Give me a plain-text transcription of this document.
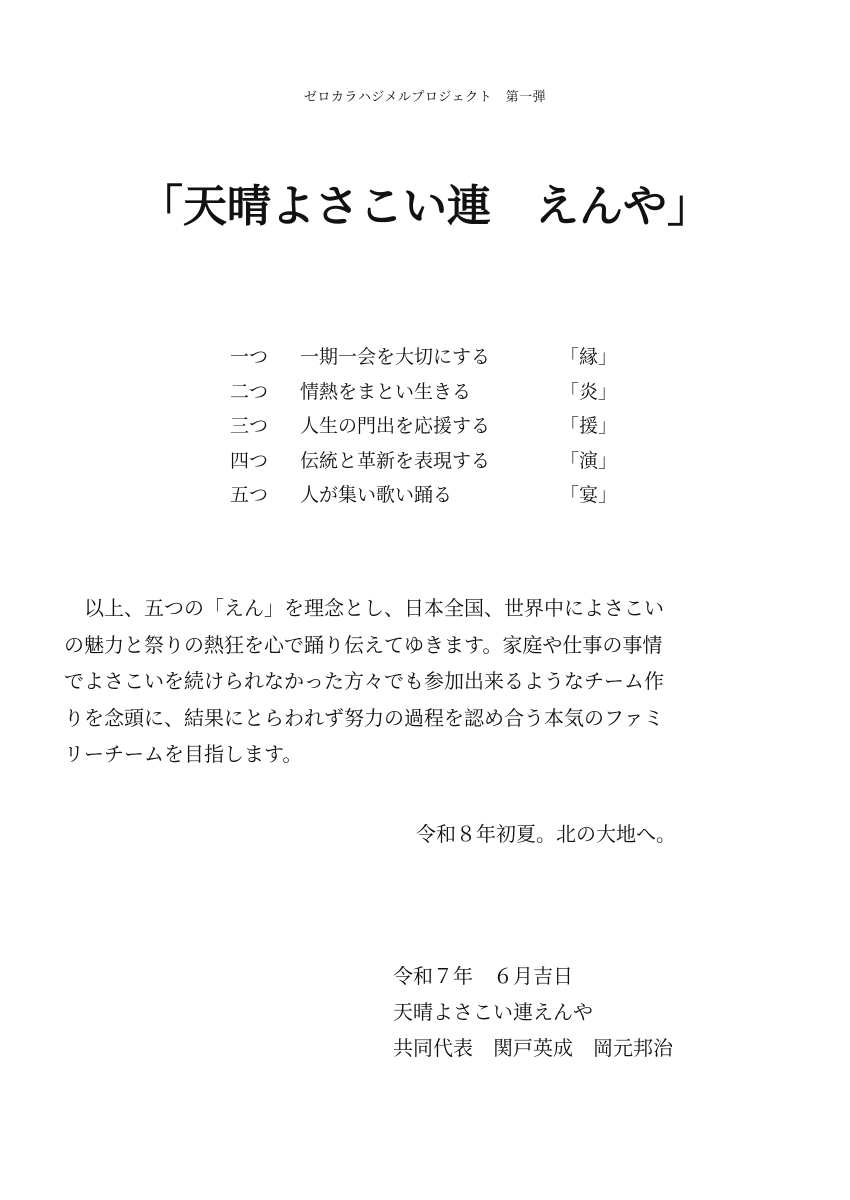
ゼロカラハジメルプロジェクト　第一弾
「天晴よさこい連　えんや」
一つ 一期一会を大切にする	「縁」
二つ 情熱をまとい生きる	「炎」
三つ 人生の門出を応援する	「援」
四つ 伝統と革新を表現する	「演」
五つ 人が集い歌い踊る	「宴」
　以上、五つの「えん」を理念とし、日本全国、世界中によさこい
の魅力と祭りの熱狂を心で踊り伝えてゆきます。家庭や仕事の事情
でよさこいを続けられなかった方々でも参加出来るようなチーム作
りを念頭に、結果にとらわれず努力の過程を認め合う本気のファミ
リーチームを目指します。
令和８年初夏。北の大地へ。
令和７年　６月吉日
天晴よさこい連えんや
共同代表　関戸英成　岡元邦治
